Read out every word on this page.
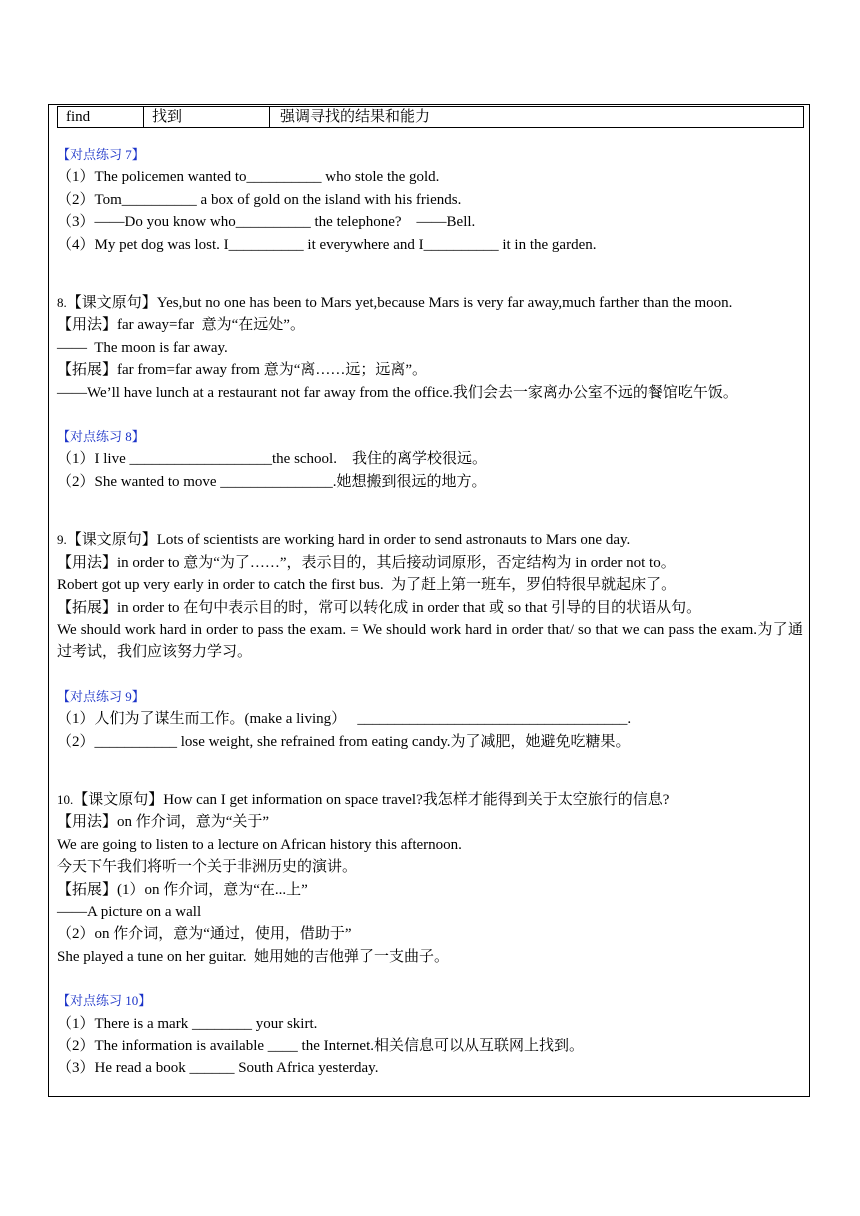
find	找到	强调寻找的结果和能力
【对点练习 7】
（1）The policemen wanted to__________ who stole the gold.
（2）Tom__________ a box of gold on the island with his friends.
（3）——Do you know who__________ the telephone?    ——Bell.
（4）My pet dog was lost. I__________ it everywhere and I__________ it in the garden.
8.【课文原句】Yes,but no one has been to Mars yet,because Mars is very far away,much farther than the moon.
【用法】far away=far  意为“在远处”。
——  The moon is far away.
【拓展】far from=far away from 意为“离……远；远离”。
——We’ll have lunch at a restaurant not far away from the office.我们会去一家离办公室不远的餐馆吃午饭。
【对点练习 8】
（1）I live ___________________the school.    我住的离学校很远。
（2）She wanted to move _______________.她想搬到很远的地方。
9.【课文原句】Lots of scientists are working hard in order to send astronauts to Mars one day.
【用法】in order to 意为“为了……”，表示目的，其后接动词原形，否定结构为 in order not to。
Robert got up very early in order to catch the first bus.  为了赶上第一班车，罗伯特很早就起床了。
【拓展】in order to 在句中表示目的时，常可以转化成 in order that 或 so that 引导的目的状语从句。
We should work hard in order to pass the exam. = We should work hard in order that/ so that we can pass the exam.为了通过考试，我们应该努力学习。
【对点练习 9】
（1）人们为了谋生而工作。(make a living）   ____________________________________.
（2）___________ lose weight, she refrained from eating candy.为了减肥，她避免吃糖果。
10.【课文原句】How can I get information on space travel?我怎样才能得到关于太空旅行的信息?
【用法】on 作介词，意为“关于”
We are going to listen to a lecture on African history this afternoon.
今天下午我们将听一个关于非洲历史的演讲。
【拓展】(1）on 作介词，意为“在...上”
——A picture on a wall
（2）on 作介词，意为“通过，使用，借助于”
She played a tune on her guitar.  她用她的吉他弹了一支曲子。
【对点练习 10】
（1）There is a mark ________ your skirt.
（2）The information is available ____ the Internet.相关信息可以从互联网上找到。
（3）He read a book ______ South Africa yesterday.
